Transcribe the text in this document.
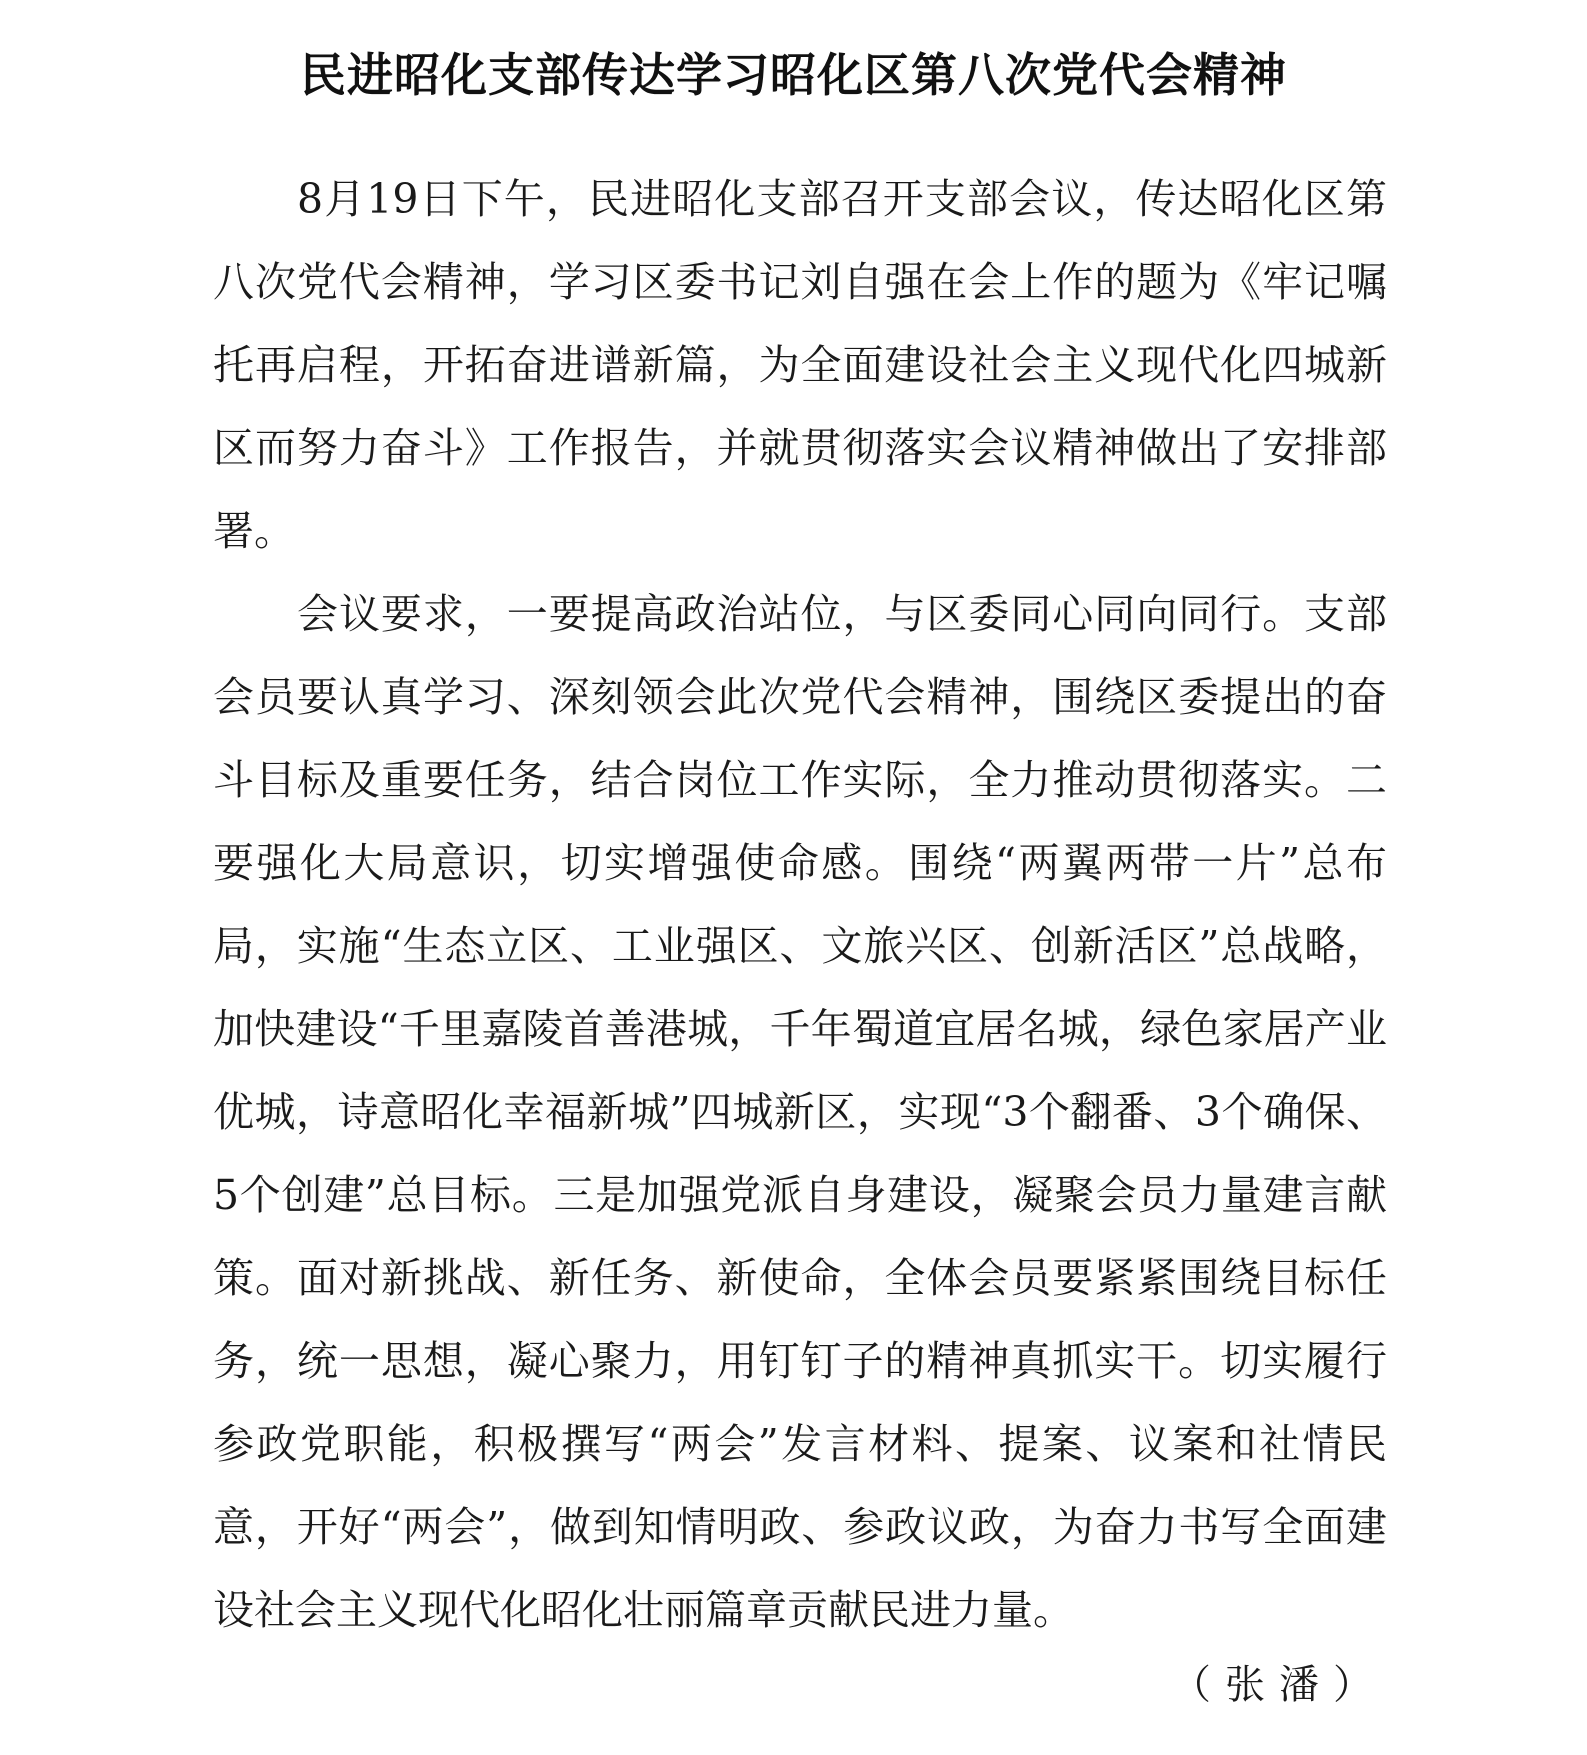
民进昭化支部传达学习昭化区第八次党代会精神

8月19日下午，民进昭化支部召开支部会议，传达昭化区第八次党代会精神，学习区委书记刘自强在会上作的题为《牢记嘱托再启程，开拓奋进谱新篇，为全面建设社会主义现代化四城新区而努力奋斗》工作报告，并就贯彻落实会议精神做出了安排部署。

会议要求，一要提高政治站位，与区委同心同向同行。支部会员要认真学习、深刻领会此次党代会精神，围绕区委提出的奋斗目标及重要任务，结合岗位工作实际，全力推动贯彻落实。二要强化大局意识，切实增强使命感。围绕“两翼两带一片”总布局，实施“生态立区、工业强区、文旅兴区、创新活区”总战略，加快建设“千里嘉陵首善港城，千年蜀道宜居名城，绿色家居产业优城，诗意昭化幸福新城”四城新区，实现“3个翻番、3个确保、5个创建”总目标。三是加强党派自身建设，凝聚会员力量建言献策。面对新挑战、新任务、新使命，全体会员要紧紧围绕目标任务，统一思想，凝心聚力，用钉钉子的精神真抓实干。切实履行参政党职能，积极撰写“两会”发言材料、提案、议案和社情民意，开好“两会”，做到知情明政、参政议政，为奋力书写全面建设社会主义现代化昭化壮丽篇章贡献民进力量。

（张潘）
